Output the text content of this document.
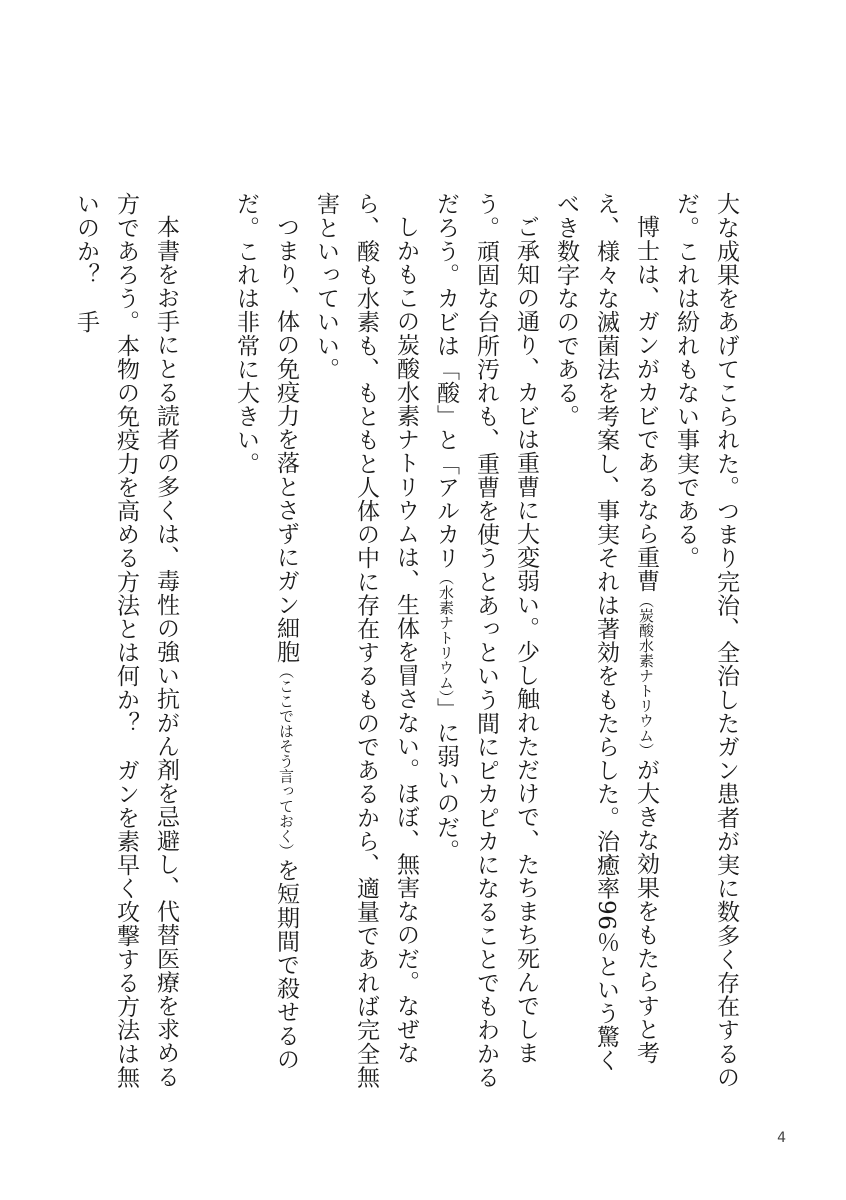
大な成果をあげてこられた。つまり完治、全治したガン患者が実に数多く存在するのだ。これは紛れもない事実である。

博士は、ガンがカビであるなら重曹（炭酸水素ナトリウム）が大きな効果をもたらすと考え、様々な滅菌法を考案し、事実それは著効をもたらした。治癒率96％という驚くべき数字なのである。

ご承知の通り、カビは重曹に大変弱い。少し触れただけで、たちまち死んでしまう。頑固な台所汚れも、重曹を使うとあっという間にピカピカになることでもわかるだろう。カビは「酸」と「アルカリ（水素ナトリウム）」に弱いのだ。

しかもこの炭酸水素ナトリウムは、生体を冒さない。ほぼ、無害なのだ。なぜなら、酸も水素も、もともと人体の中に存在するものであるから、適量であれば完全無害といっていい。

つまり、体の免疫力を落とさずにガン細胞（ここではそう言っておく）を短期間で殺せるのだ。これは非常に大きい。

本書をお手にとる読者の多くは、毒性の強い抗がん剤を忌避し、代替医療を求める方であろう。本物の免疫力を高める方法とは何か？　ガンを素早く攻撃する方法は無いのか？　手

4
